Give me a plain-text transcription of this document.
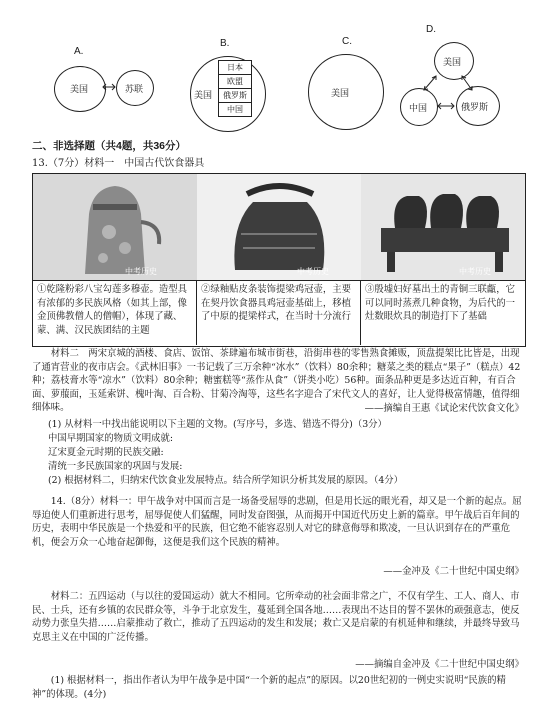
A.
美国	苏联
B.
美国
日本
欧盟
俄罗斯
中国
C.
美国
D.
美国
中国	俄罗斯
二、非选择题（共4题，共36分）
13.（7分）材料一　中国古代饮食器具
中考历史	中考历史	中考历史
①乾隆粉彩八宝勾莲多穆壶。造型具有浓郁的多民族风格（如其上部，像金顶佛教僧人的僧帽），体现了藏、蒙、满、汉民族团结的主题
②绿釉贴皮条装饰提梁鸡冠壶，主要在契丹饮食器具鸡冠壶基础上，移植了中原的提梁样式，在当时十分流行
③殷墟妇好墓出土的青铜三联甗，它可以同时蒸煮几种食物，为后代的一灶数眼炊具的制造打下了基础
材料二　两宋京城的酒楼、食店、饭馆、茶肆遍布城市街巷，沿街串巷的零售熟食摊贩，顶盘提架比比皆是，出现了通宵营业的夜市店会。《武林旧事》一书记载了三万余种“冰水”（饮料）80余种；糖菜之类的糕点“果子”（糕点）42种；荔枝膏水等“凉水”（饮料）80余种；糖蜜糕等“蒸作从食”（饼类小吃）56种。面条品种更是多达近百种，有百合面、萝菔面，玉延索饼、槐叶淘、百合粉、甘菊冷淘等，这些名字迎合了宋代文人的喜好，让人觉得极富情趣，值得细细体味。	——摘编自王惠《试论宋代饮食文化》
(1) 从材料一中找出能说明以下主题的文物。(写序号，多选、错选不得分)（3分）
中国早期国家的物质文明成就:
辽宋夏金元时期的民族交融:
清统一多民族国家的巩固与发展:
(2) 根据材料二，归纳宋代饮食业发展特点。结合所学知识分析其发展的原因。（4分）
14.（8分）材料一：甲午战争对中国而言是一场备受屈辱的悲剧，但是用长远的眼光看，却又是一个新的起点。屈辱迫使人们重新进行思考，屈辱促使人们猛醒，同时发奋图强，从而揭开中国近代历史上新的篇章。甲午战后百年间的历史，表明中华民族是一个热爱和平的民族，但它绝不能容忍别人对它的肆意侮辱和欺凌，一旦认识到存在的严重危机，便会万众一心地奋起御侮，这便是我们这个民族的精神。
——金冲及《二十世纪中国史纲》
材料二：五四运动（与以往的爱国运动）就大不相同。它所牵动的社会面非常之广，不仅有学生、工人、商人、市民、士兵，还有乡镇的农民群众等，斗争于北京发生，蔓延到全国各地……表现出不达目的誓不罢休的顽强意志，使反动势力张皇失措……启蒙推动了救亡，推动了五四运动的发生和发展；救亡又是启蒙的有机延伸和继续，并最终导致马克思主义在中国的广泛传播。
——摘编自金冲及《二十世纪中国史纲》
(1) 根据材料一，指出作者认为甲午战争是中国“一个新的起点”的原因。以20世纪初的一例史实说明“民族的精神”的体现。(4分)
